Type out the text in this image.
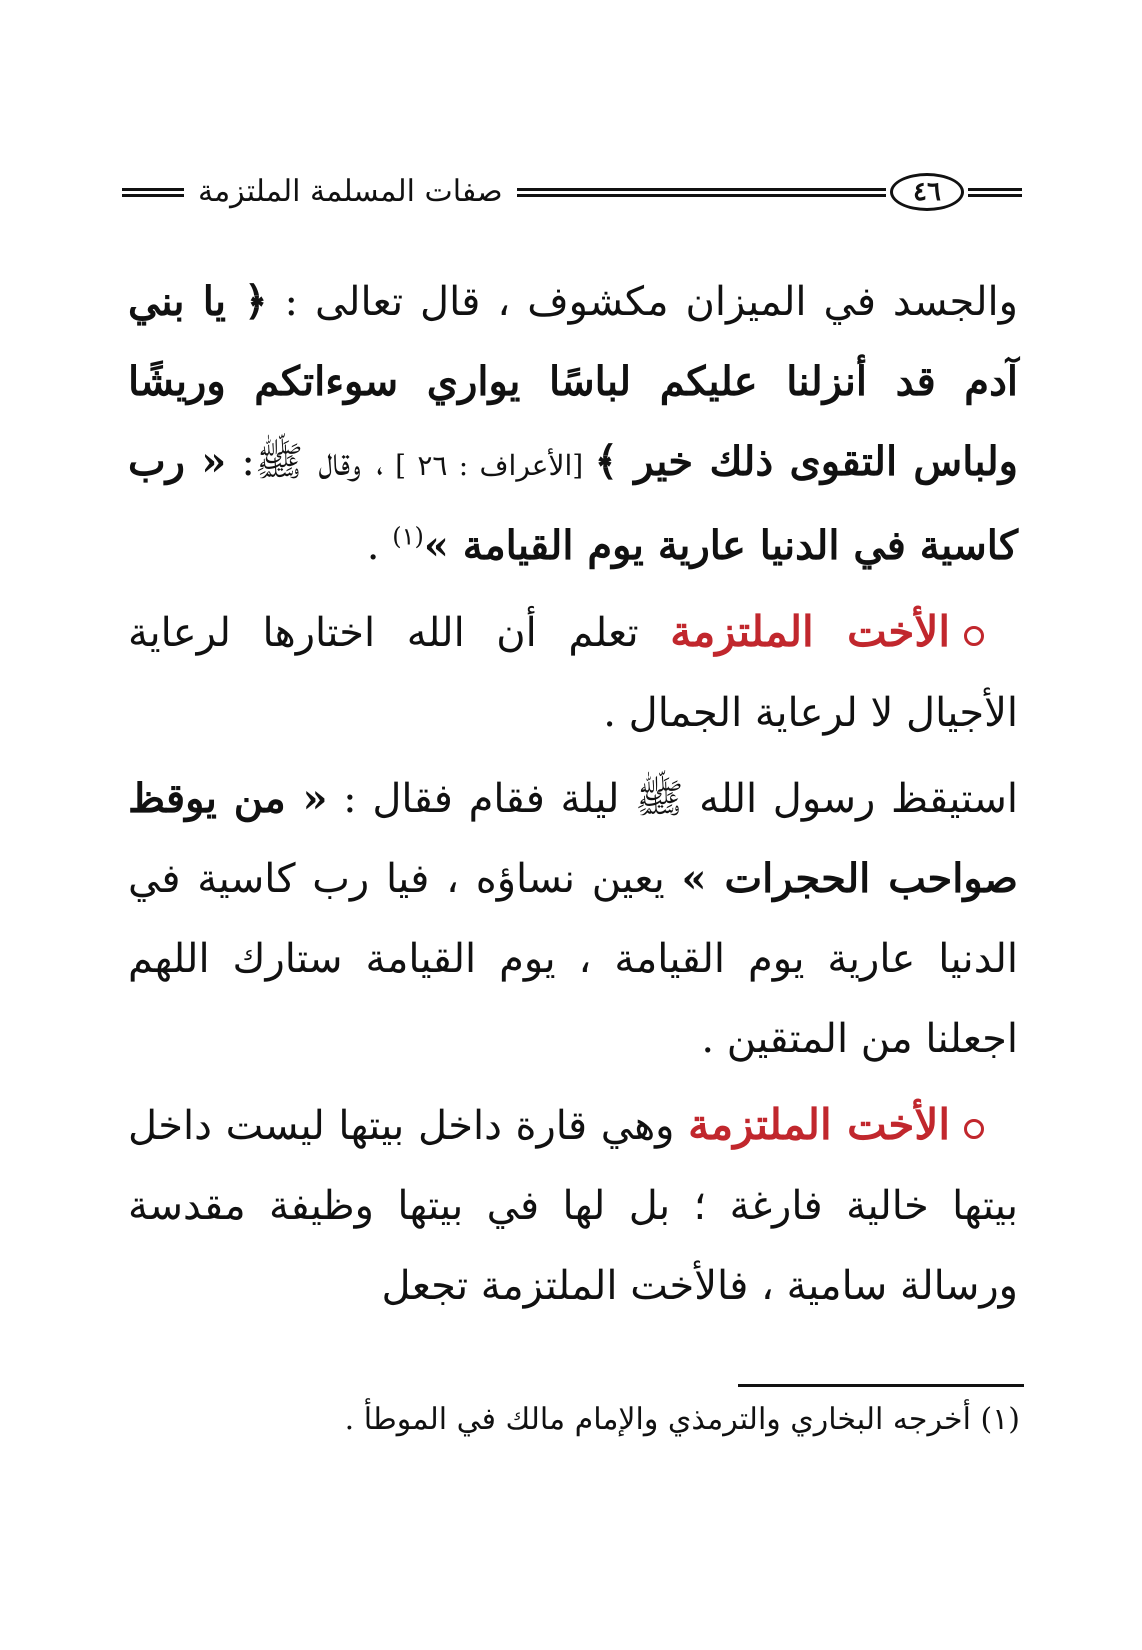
صفات المسلمة الملتزمة	٤٦

والجسد في الميزان مكشوف ، قال تعالى : ﴿ يا بني آدم قد أنزلنا عليكم لباسًا يواري سوءاتكم وريشًا ولباس التقوى ذلك خير ﴾ [الأعراف : ٢٦ ] ، وقال ﷺ: « رب كاسية في الدنيا عارية يوم القيامة »$^{(١)}$ .

الأخت الملتزمة تعلم أن الله اختارها لرعاية الأجيال لا لرعاية الجمال .

استيقظ رسول الله ﷺ ليلة فقام فقال : « من يوقظ صواحب الحجرات » يعين نساؤه ، فيا رب كاسية في الدنيا عارية يوم القيامة ، يوم القيامة ستارك اللهم اجعلنا من المتقين .

الأخت الملتزمة وهي قارة داخل بيتها ليست داخل بيتها خالية فارغة ؛ بل لها في بيتها وظيفة مقدسة ورسالة سامية ، فالأخت الملتزمة تجعل

(١) أخرجه البخاري والترمذي والإمام مالك في الموطأ .
